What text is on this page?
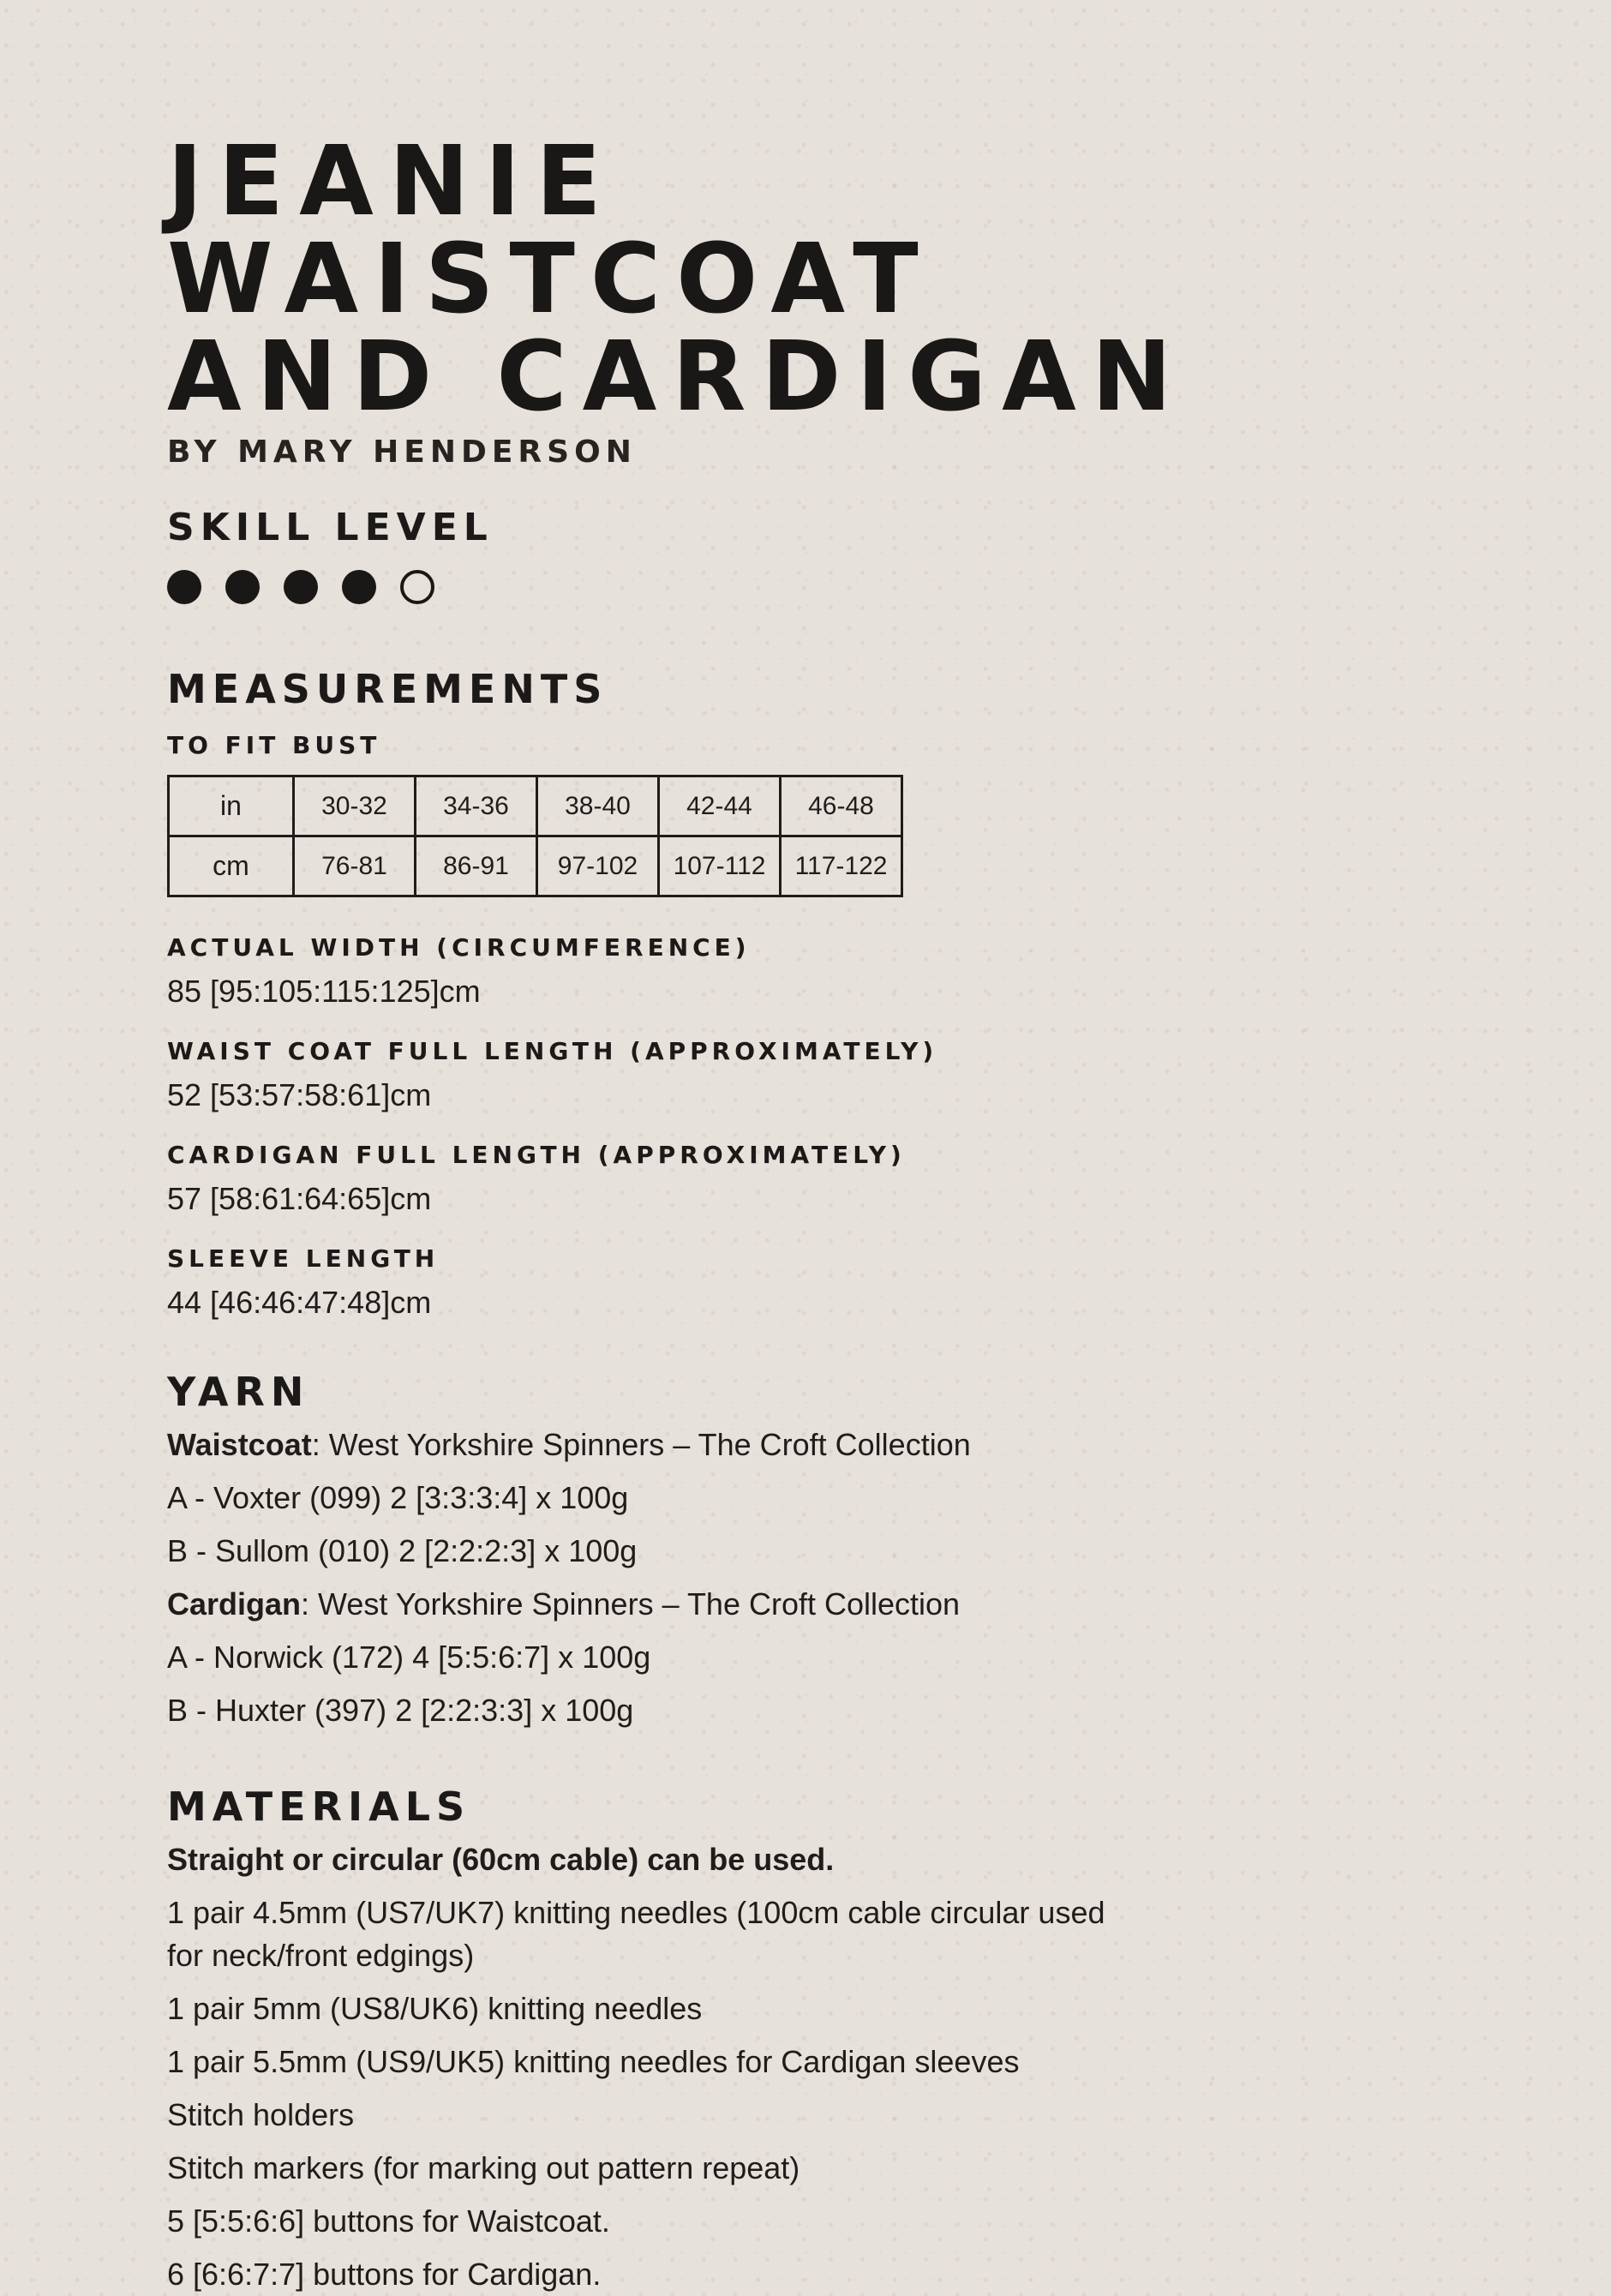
JEANIE WAISTCOAT
AND CARDIGAN
BY MARY HENDERSON
SKILL LEVEL
MEASUREMENTS
TO FIT BUST
in	30-32	34-36	38-40	42-44	46-48
cm	76-81	86-91	97-102	107-112	117-122
ACTUAL WIDTH (CIRCUMFERENCE)
85 [95:105:115:125]cm
WAIST COAT FULL LENGTH (APPROXIMATELY)
52 [53:57:58:61]cm
CARDIGAN FULL LENGTH (APPROXIMATELY)
57 [58:61:64:65]cm
SLEEVE LENGTH
44 [46:46:47:48]cm
YARN
Waistcoat: West Yorkshire Spinners – The Croft Collection
A - Voxter (099) 2 [3:3:3:4] x 100g
B - Sullom (010) 2 [2:2:2:3] x 100g
Cardigan: West Yorkshire Spinners – The Croft Collection
A - Norwick (172) 4 [5:5:6:7] x 100g
B - Huxter (397) 2 [2:2:3:3] x 100g
MATERIALS
Straight or circular (60cm cable) can be used.
1 pair 4.5mm (US7/UK7) knitting needles (100cm cable circular used for neck/front edgings)
1 pair 5mm (US8/UK6) knitting needles
1 pair 5.5mm (US9/UK5) knitting needles for Cardigan sleeves
Stitch holders
Stitch markers (for marking out pattern repeat)
5 [5:5:6:6] buttons for Waistcoat.
6 [6:6:7:7] buttons for Cardigan.
